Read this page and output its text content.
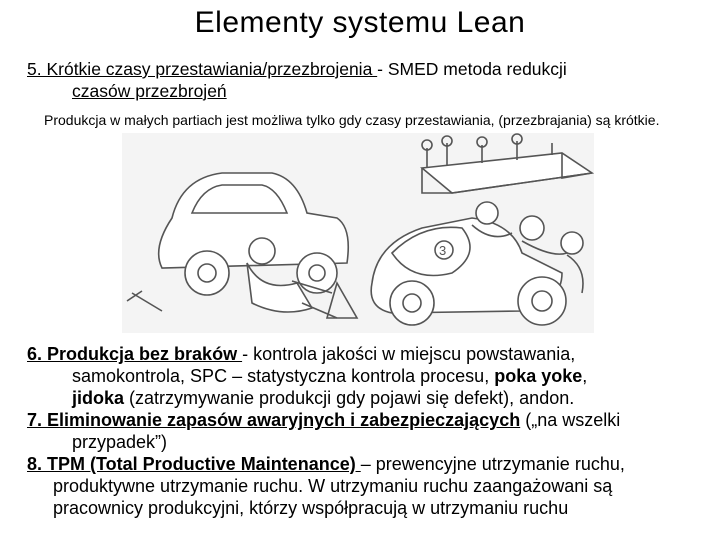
Elementy systemu Lean
5. Krótkie czasy przestawiania/przezbrojenia - SMED metoda redukcji
czasów przezbrojeń
Produkcja w małych partiach jest możliwa tylko gdy czasy przestawiania, (przezbrajania) są krótkie.
3

6. Produkcja bez braków - kontrola jakości w miejscu powstawania,

samokontrola, SPC – statystyczna kontrola procesu, poka yoke,

jidoka (zatrzymywanie produkcji gdy pojawi się defekt), andon.

7. Eliminowanie zapasów awaryjnych i zabezpieczających („na wszelki

przypadek”)

8. TPM (Total Productive Maintenance) – prewencyjne utrzymanie ruchu,

produktywne utrzymanie ruchu. W utrzymaniu ruchu zaangażowani są

pracownicy produkcyjni, którzy współpracują w utrzymaniu ruchu
